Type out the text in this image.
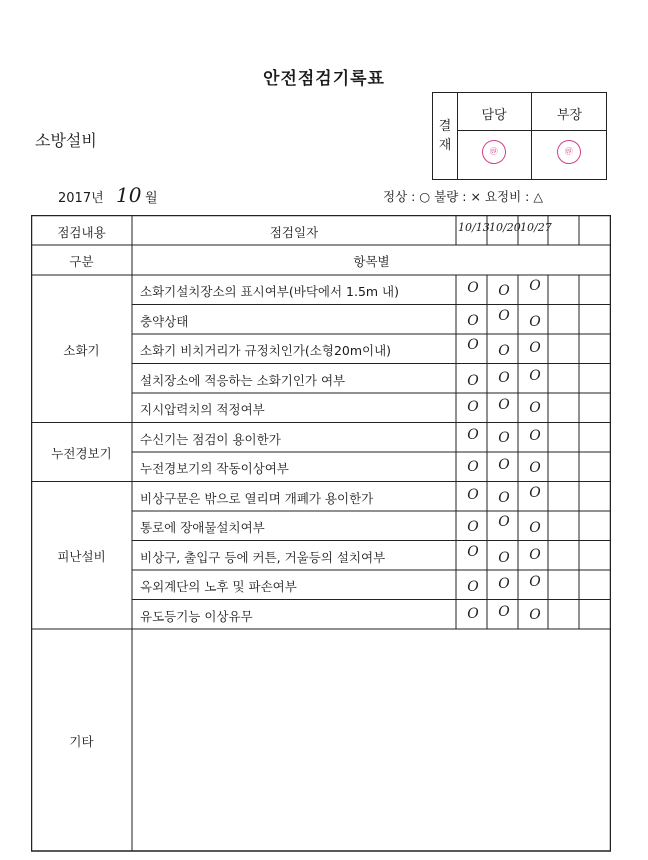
안전점검기록표
소방설비
결재
담당	부장
㊞	㊞
2017년 10 월	정상 : ○ 불량 : × 요정비 : △
점검내용	점검일자	10/13 10/20 10/27
구분	항목별
소화기
소화기설치장소의 표시여부(바닥에서 1.5m 내)	O O O
충약상태	O O O
소화기 비치거리가 규정치인가(소형20m이내)	O O O
설치장소에 적응하는 소화기인가 여부	O O O
지시압력치의 적정여부	O O O
누전경보기
수신기는 점검이 용이한가	O O O
누전경보기의 작동이상여부	O O O
피난설비
비상구문은 밖으로 열리며 개폐가 용이한가	O O O
통로에 장애물설치여부	O O O
비상구, 출입구 등에 커튼, 거울등의 설치여부	O O O
옥외계단의 노후 및 파손여부	O O O
유도등기능 이상유무	O O O
기타
